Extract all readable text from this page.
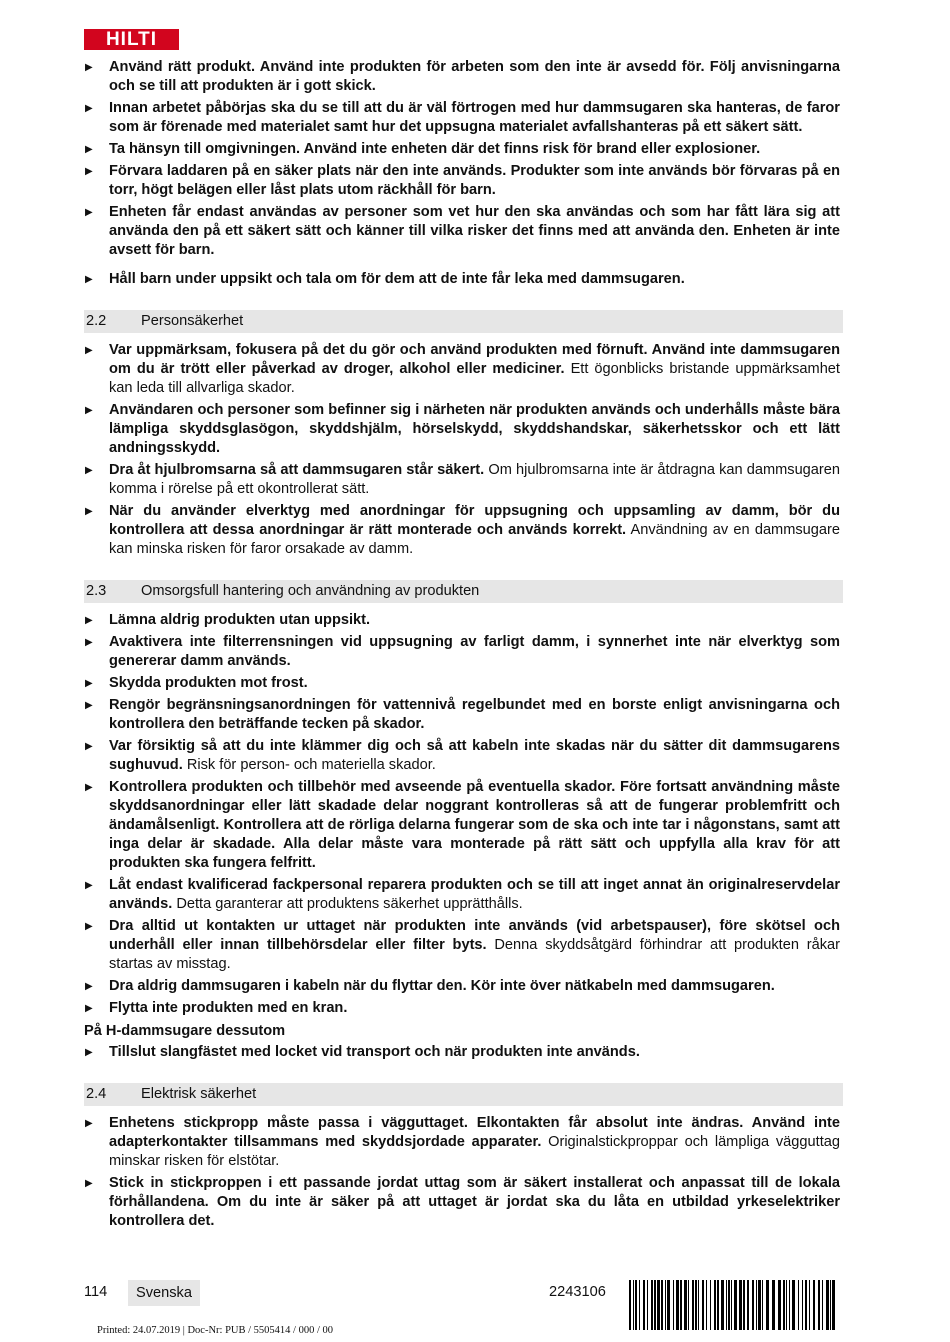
HILTI
▶ Använd rätt produkt. Använd inte produkten för arbeten som den inte är avsedd för. Följ anvisningarna och se till att produkten är i gott skick.
▶ Innan arbetet påbörjas ska du se till att du är väl förtrogen med hur dammsugaren ska hanteras, de faror som är förenade med materialet samt hur det uppsugna materialet avfallshanteras på ett säkert sätt.
▶ Ta hänsyn till omgivningen. Använd inte enheten där det finns risk för brand eller explosioner.
▶ Förvara laddaren på en säker plats när den inte används. Produkter som inte används bör förvaras på en torr, högt belägen eller låst plats utom räckhåll för barn.
▶ Enheten får endast användas av personer som vet hur den ska användas och som har fått lära sig att använda den på ett säkert sätt och känner till vilka risker det finns med att använda den. Enheten är inte avsett för barn.
▶ Håll barn under uppsikt och tala om för dem att de inte får leka med dammsugaren.
2.2 Personsäkerhet
▶ Var uppmärksam, fokusera på det du gör och använd produkten med förnuft. Använd inte dammsugaren om du är trött eller påverkad av droger, alkohol eller mediciner. Ett ögonblicks bristande uppmärksamhet kan leda till allvarliga skador.
▶ Användaren och personer som befinner sig i närheten när produkten används och underhålls måste bära lämpliga skyddsglasögon, skyddshjälm, hörselskydd, skyddshandskar, säkerhetsskor och ett lätt andningsskydd.
▶ Dra åt hjulbromsarna så att dammsugaren står säkert. Om hjulbromsarna inte är åtdragna kan dammsugaren komma i rörelse på ett okontrollerat sätt.
▶ När du använder elverktyg med anordningar för uppsugning och uppsamling av damm, bör du kontrollera att dessa anordningar är rätt monterade och används korrekt. Användning av en dammsugare kan minska risken för faror orsakade av damm.
2.3 Omsorgsfull hantering och användning av produkten
▶ Lämna aldrig produkten utan uppsikt.
▶ Avaktivera inte filterrensningen vid uppsugning av farligt damm, i synnerhet inte när elverktyg som genererar damm används.
▶ Skydda produkten mot frost.
▶ Rengör begränsningsanordningen för vattennivå regelbundet med en borste enligt anvisningarna och kontrollera den beträffande tecken på skador.
▶ Var försiktig så att du inte klämmer dig och så att kabeln inte skadas när du sätter dit dammsugarens sughuvud. Risk för person- och materiella skador.
▶ Kontrollera produkten och tillbehör med avseende på eventuella skador. Före fortsatt användning måste skyddsanordningar eller lätt skadade delar noggrant kontrolleras så att de fungerar problemfritt och ändamålsenligt. Kontrollera att de rörliga delarna fungerar som de ska och inte tar i någonstans, samt att inga delar är skadade. Alla delar måste vara monterade på rätt sätt och uppfylla alla krav för att produkten ska fungera felfritt.
▶ Låt endast kvalificerad fackpersonal reparera produkten och se till att inget annat än originalreservdelar används. Detta garanterar att produktens säkerhet upprätthålls.
▶ Dra alltid ut kontakten ur uttaget när produkten inte används (vid arbetspauser), före skötsel och underhåll eller innan tillbehörsdelar eller filter byts. Denna skyddsåtgärd förhindrar att produkten råkar startas av misstag.
▶ Dra aldrig dammsugaren i kabeln när du flyttar den. Kör inte över nätkabeln med dammsugaren.
▶ Flytta inte produkten med en kran.
På H-dammsugare dessutom
▶ Tillslut slangfästet med locket vid transport och när produkten inte används.
2.4 Elektrisk säkerhet
▶ Enhetens stickpropp måste passa i vägguttaget. Elkontakten får absolut inte ändras. Använd inte adapterkontakter tillsammans med skyddsjordade apparater. Originalstickproppar och lämpliga vägguttag minskar risken för elstötar.
▶ Stick in stickproppen i ett passande jordat uttag som är säkert installerat och anpassat till de lokala förhållandena. Om du inte är säker på att uttaget är jordat ska du låta en utbildad yrkeselektriker kontrollera det.
114	Svenska	2243106
Printed: 24.07.2019 | Doc-Nr: PUB / 5505414 / 000 / 00
